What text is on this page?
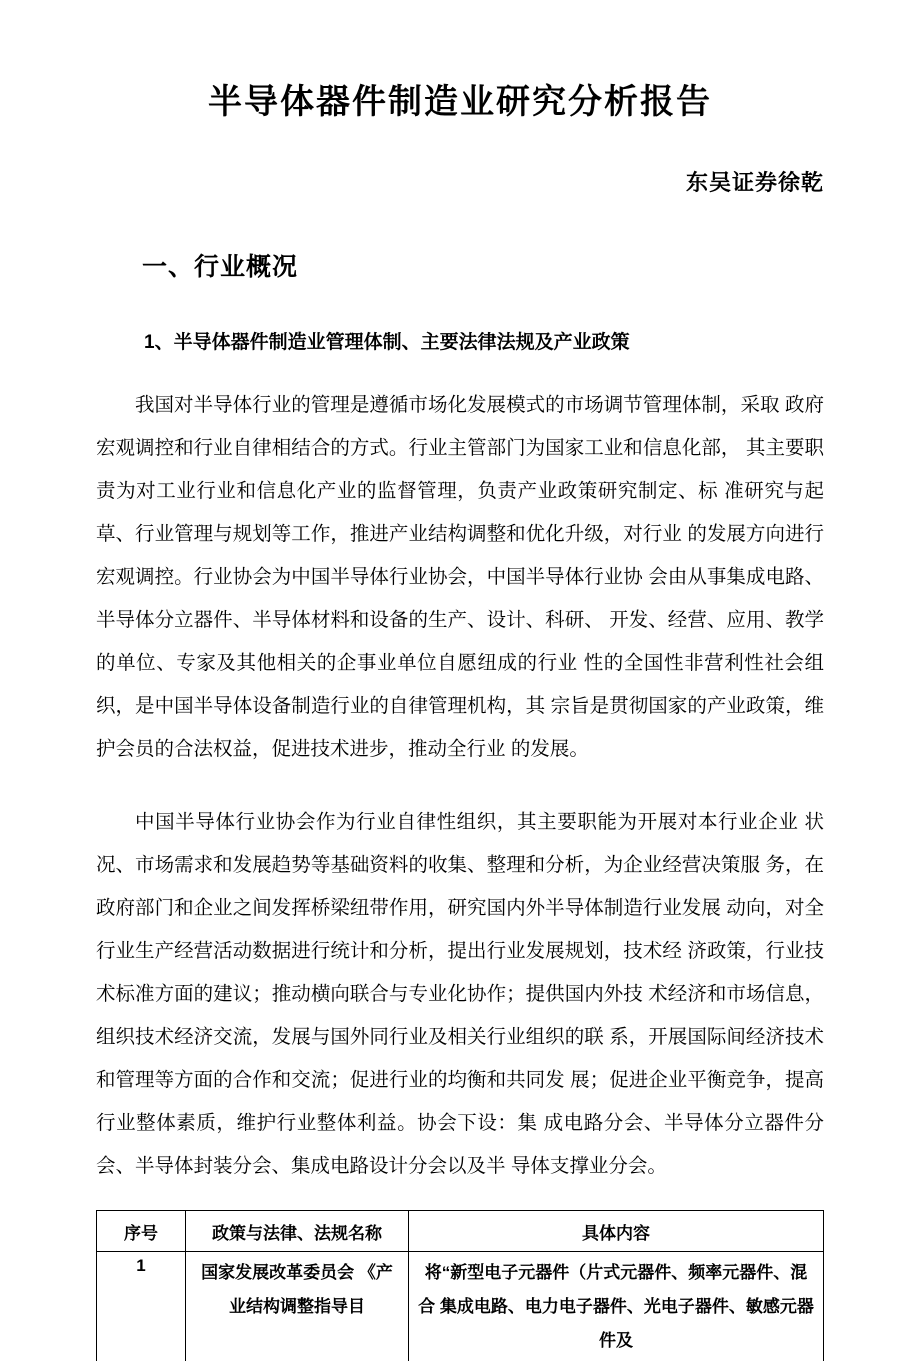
半导体器件制造业研究分析报告
东吴证券徐乾
一、行业概况
1、半导体器件制造业管理体制、主要法律法规及产业政策

我国对半导体行业的管理是遵循市场化发展模式的市场调节管理体制，采取 政府宏观调控和行业自律相结合的方式。行业主管部门为国家工业和信息化部， 其主要职责为对工业行业和信息化产业的监督管理，负责产业政策研究制定、标 准研究与起草、行业管理与规划等工作，推进产业结构调整和优化升级，对行业 的发展方向进行宏观调控。行业协会为中国半导体行业协会，中国半导体行业协 会由从事集成电路、半导体分立器件、半导体材料和设备的生产、设计、科研、 开发、经营、应用、教学的单位、专家及其他相关的企事业单位自愿纽成的行业 性的全国性非营利性社会组织，是中国半导体设备制造行业的自律管理机构，其 宗旨是贯彻国家的产业政策，维护会员的合法权益，促进技术进步，推动全行业 的发展。

中国半导体行业协会作为行业自律性组织，其主要职能为开展对本行业企业 状况、市场需求和发展趋势等基础资料的收集、整理和分析，为企业经营决策服 务，在政府部门和企业之间发挥桥梁纽带作用，研究国内外半导体制造行业发展 动向，对全行业生产经营活动数据进行统计和分析，提出行业发展规划，技术经 济政策，行业技术标准方面的建议；推动横向联合与专业化协作；提供国内外技 术经济和市场信息，组织技术经济交流，发展与国外同行业及相关行业组织的联 系，开展国际间经济技术和管理等方面的合作和交流；促进行业的均衡和共同发 展；促进企业平衡竞争，提高行业整体素质，维护行业整体利益。协会下设：集 成电路分会、半导体分立器件分会、半导体封装分会、集成电路设计分会以及半 导体支撑业分会。

序号	政策与法律、法规名称	具体内容
1	国家发展改革委员会 《产业结构调整指导目	将“新型电子元器件（片式元器件、频率元器件、混合 集成电路、电力电子器件、光电子器件、敏感元器件及
